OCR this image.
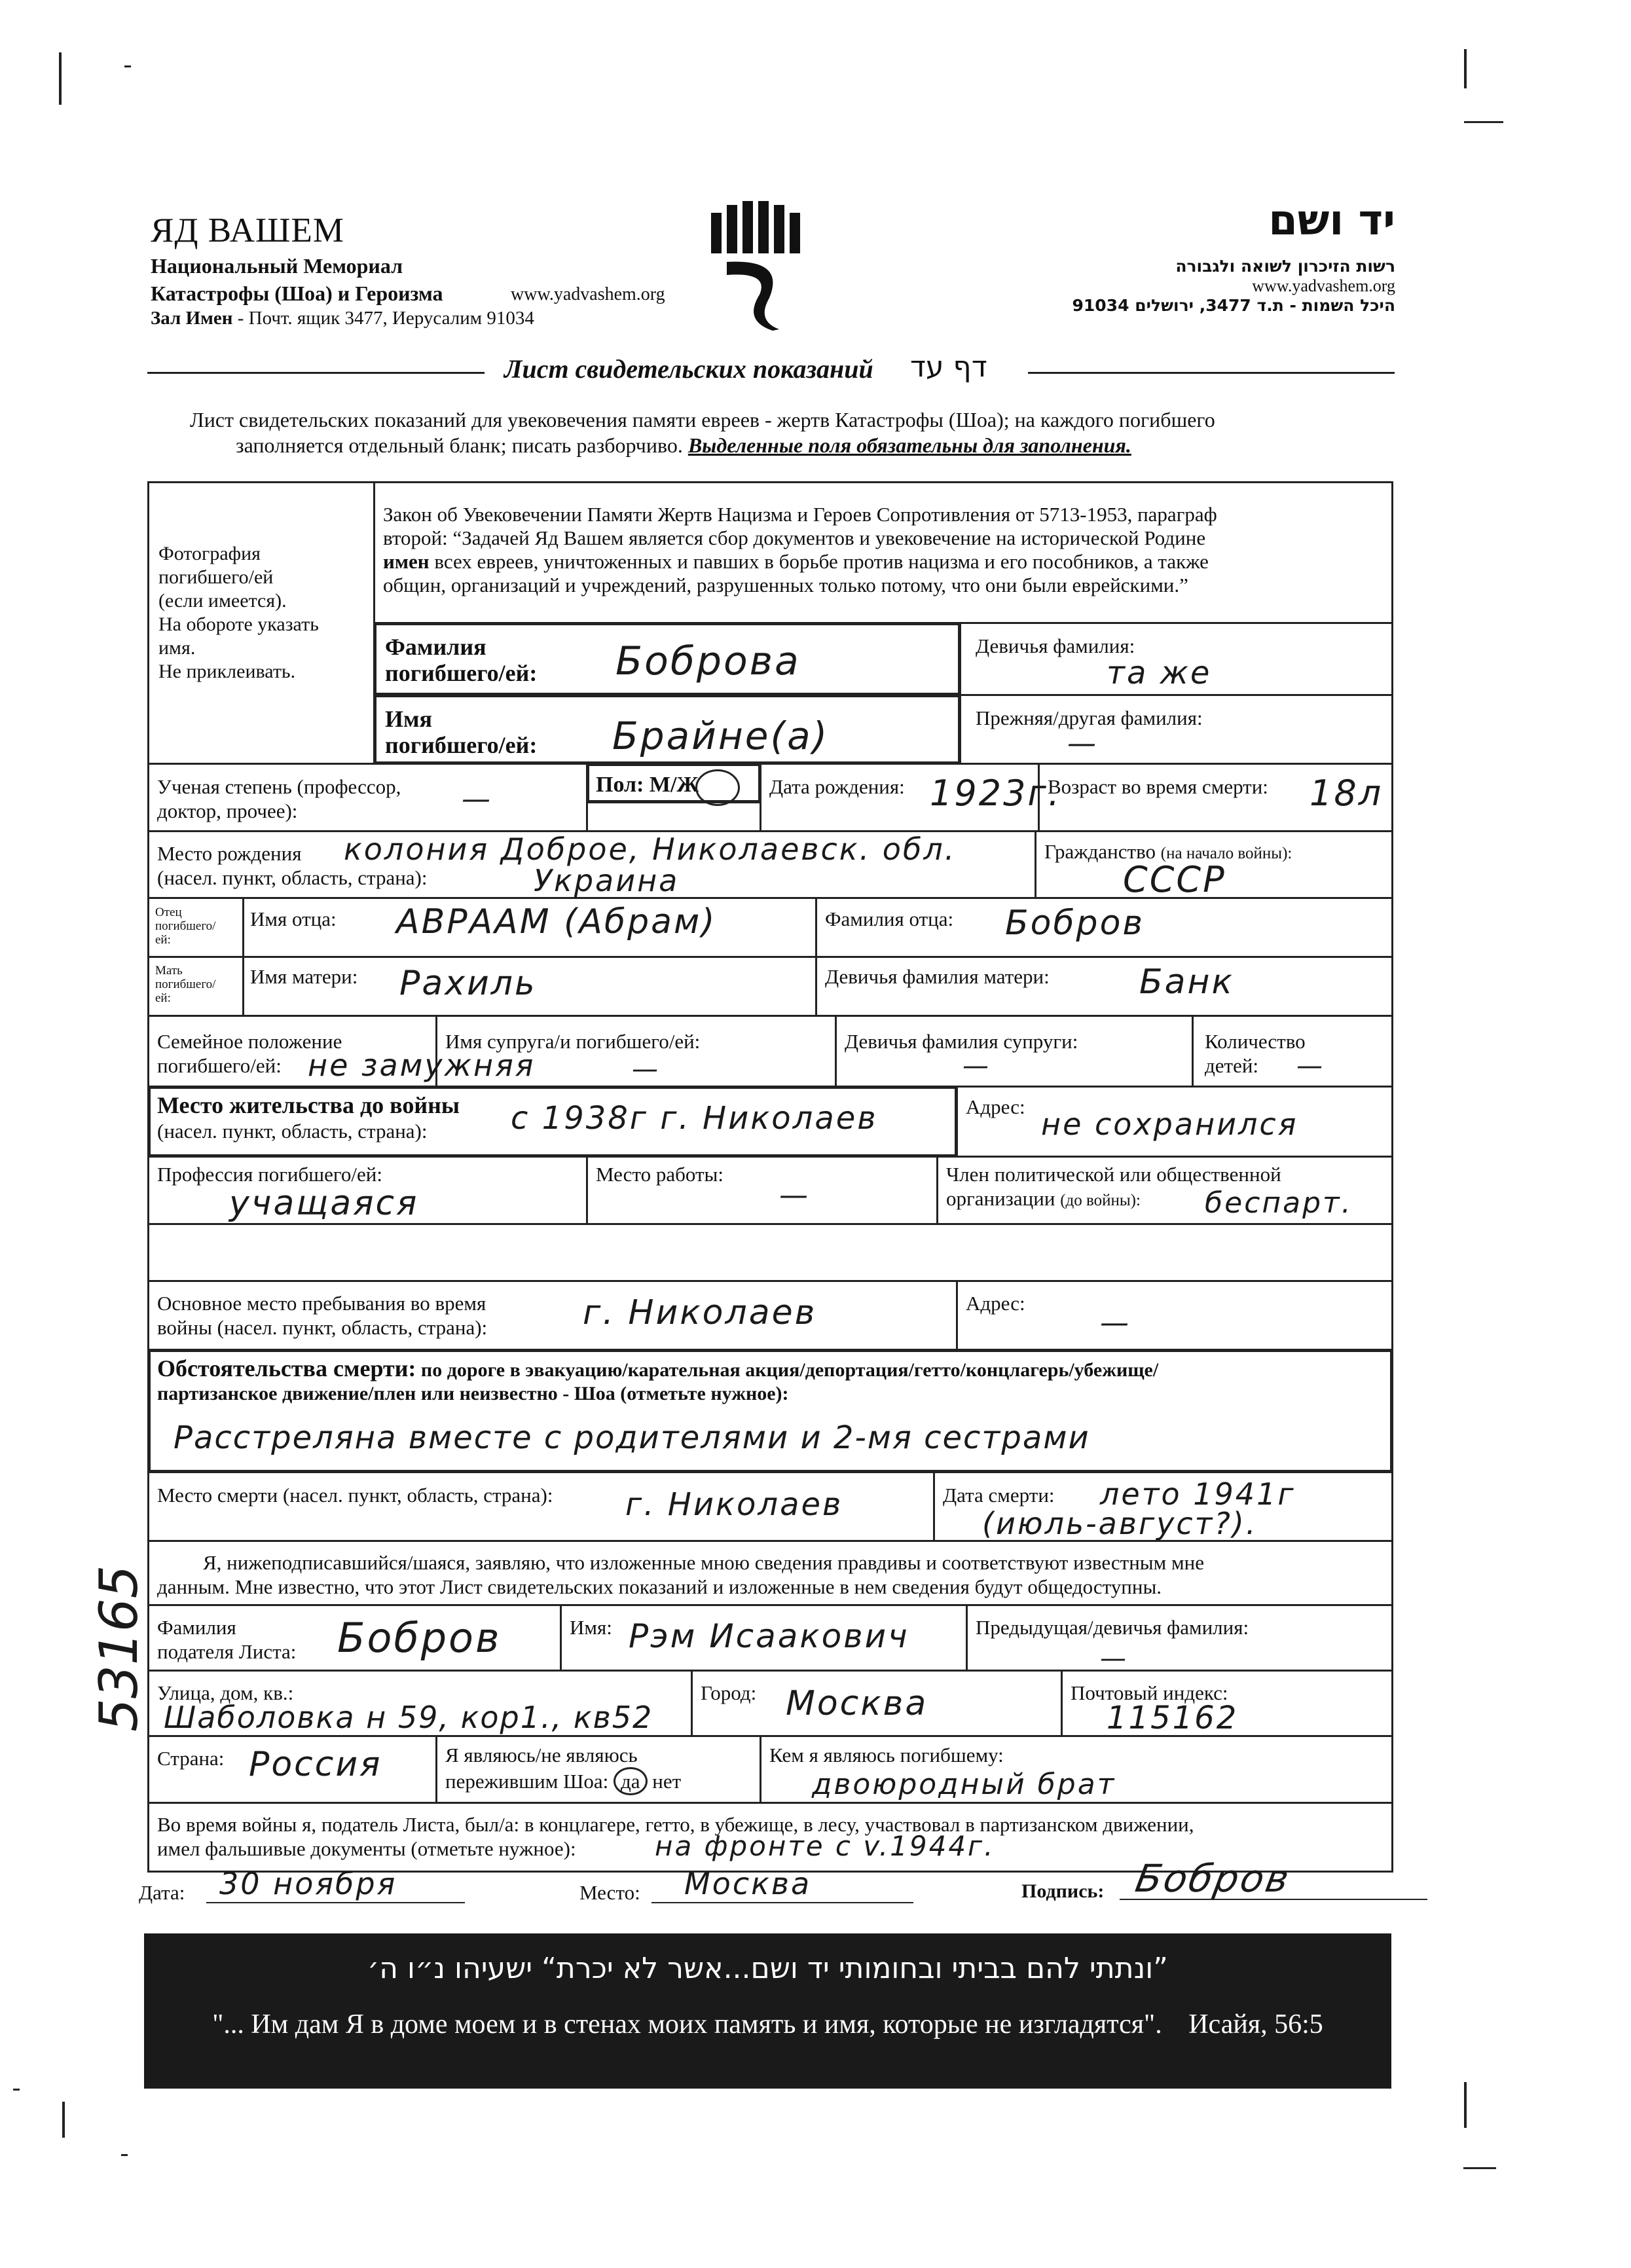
ЯД ВАШЕМ
Национальный Мемориал
Катастрофы (Шоа) и Героизма	www.yadvashem.org
Зал Имен - Почт. ящик 3477, Иерусалим 91034
יד ושם
רשות הזיכרון לשואה ולגבורה
www.yadvashem.org
היכל השמות - ת.ד 3477, ירושלים 91034
Лист свидетельских показаний דף עד
Лист свидетельских показаний для увековечения памяти евреев - жертв Катастрофы (Шоа); на каждого погибшего
заполняется отдельный бланк; писать разборчиво. Выделенные поля обязательны для заполнения.
Фотография
погибшего/ей
(если имеется).
На обороте указать
имя.
Не приклеивать.
Закон об Увековечении Памяти Жертв Нацизма и Героев Сопротивления от 5713-1953, параграф
второй: “Задачей Яд Вашем является сбор документов и увековечение на исторической Родине
имен всех евреев, уничтоженных и павших в борьбе против нацизма и его пособников, а также
общин, организаций и учреждений, разрушенных только потому, что они были еврейскими.”
Фамилия
погибшего/ей: Боброва	Девичья фамилия:
та же
Имя
погибшего/ей: Брайне(а)	Прежняя/другая фамилия:
—
Ученая степень (профессор,
доктор, прочее):	—	Пол: М/Ж	Дата рождения: 1923г.
Возраст во время смерти: 18л
Место рождения
(насел. пункт, область, страна):
колония Доброе, Николаевск. обл.
Украина
Гражданство (на начало войны):
СССР
Отец
погибшего/
ей:
Имя отца: АВРААМ (Абрам)	Фамилия отца: Бобров
Мать
погибшего/
ей:
Имя матери: Рахиль	Девичья фамилия матери:	Банк
Семейное положение
погибшего/ей: не замужняя
Имя супруга/и погибшего/ей:
—
Девичья фамилия супруги:
—
Количество
детей:	—
Место жительства до войны
(насел. пункт, область, страна):	с 1938г г. Николаев	Адрес: не сохранился
Профессия погибшего/ей:
учащаяся
Место работы:
—
Член политической или общественной
организации (до войны):	беспарт.
Основное место пребывания во время
войны (насел. пункт, область, страна):	г. Николаев	Адрес:
—
Обстоятельства смерти: по дороге в эвакуацию/карательная акция/депортация/гетто/концлагерь/убежище/
партизанское движение/плен или неизвестно - Шоа (отметьте нужное):
Расстреляна вместе с родителями и 2-мя сестрами
Место смерти (насел. пункт, область, страна): г. Николаев	Дата смерти: лето 1941г
(июль-август?).
Я, нижеподписавшийся/шаяся, заявляю, что изложенные мною сведения правдивы и соответствуют известным мне
данным. Мне известно, что этот Лист свидетельских показаний и изложенные в нем сведения будут общедоступны.
Фамилия
подателя Листа: Бобров	Имя: Рэм Исаакович	Предыдущая/девичья фамилия:
—
Улица, дом, кв.:
Шаболовка н 59, кор1., кв52
Город: Москва	Почтовый индекс:
115162
Страна: Россия	Я являюсь/не являюсь
пережившим Шоа: да нет
Кем я являюсь погибшему:
двоюродный брат
Во время войны я, податель Листа, был/а: в концлагере, гетто, в убежище, в лесу, участвовал в партизанском движении,
имел фальшивые документы (отметьте нужное):	на фронте с v.1944г.
Дата: 30 ноября	Место: Москва	Подпись: Бобров
”ונתתי להם בביתי ובחומותי יד ושם...אשר לא יכרת“ ישעיהו נ״ו ה׳
"... Им дам Я в доме моем и в стенах моих память и имя, которые не изгладятся". Исайя, 56:5
53165
